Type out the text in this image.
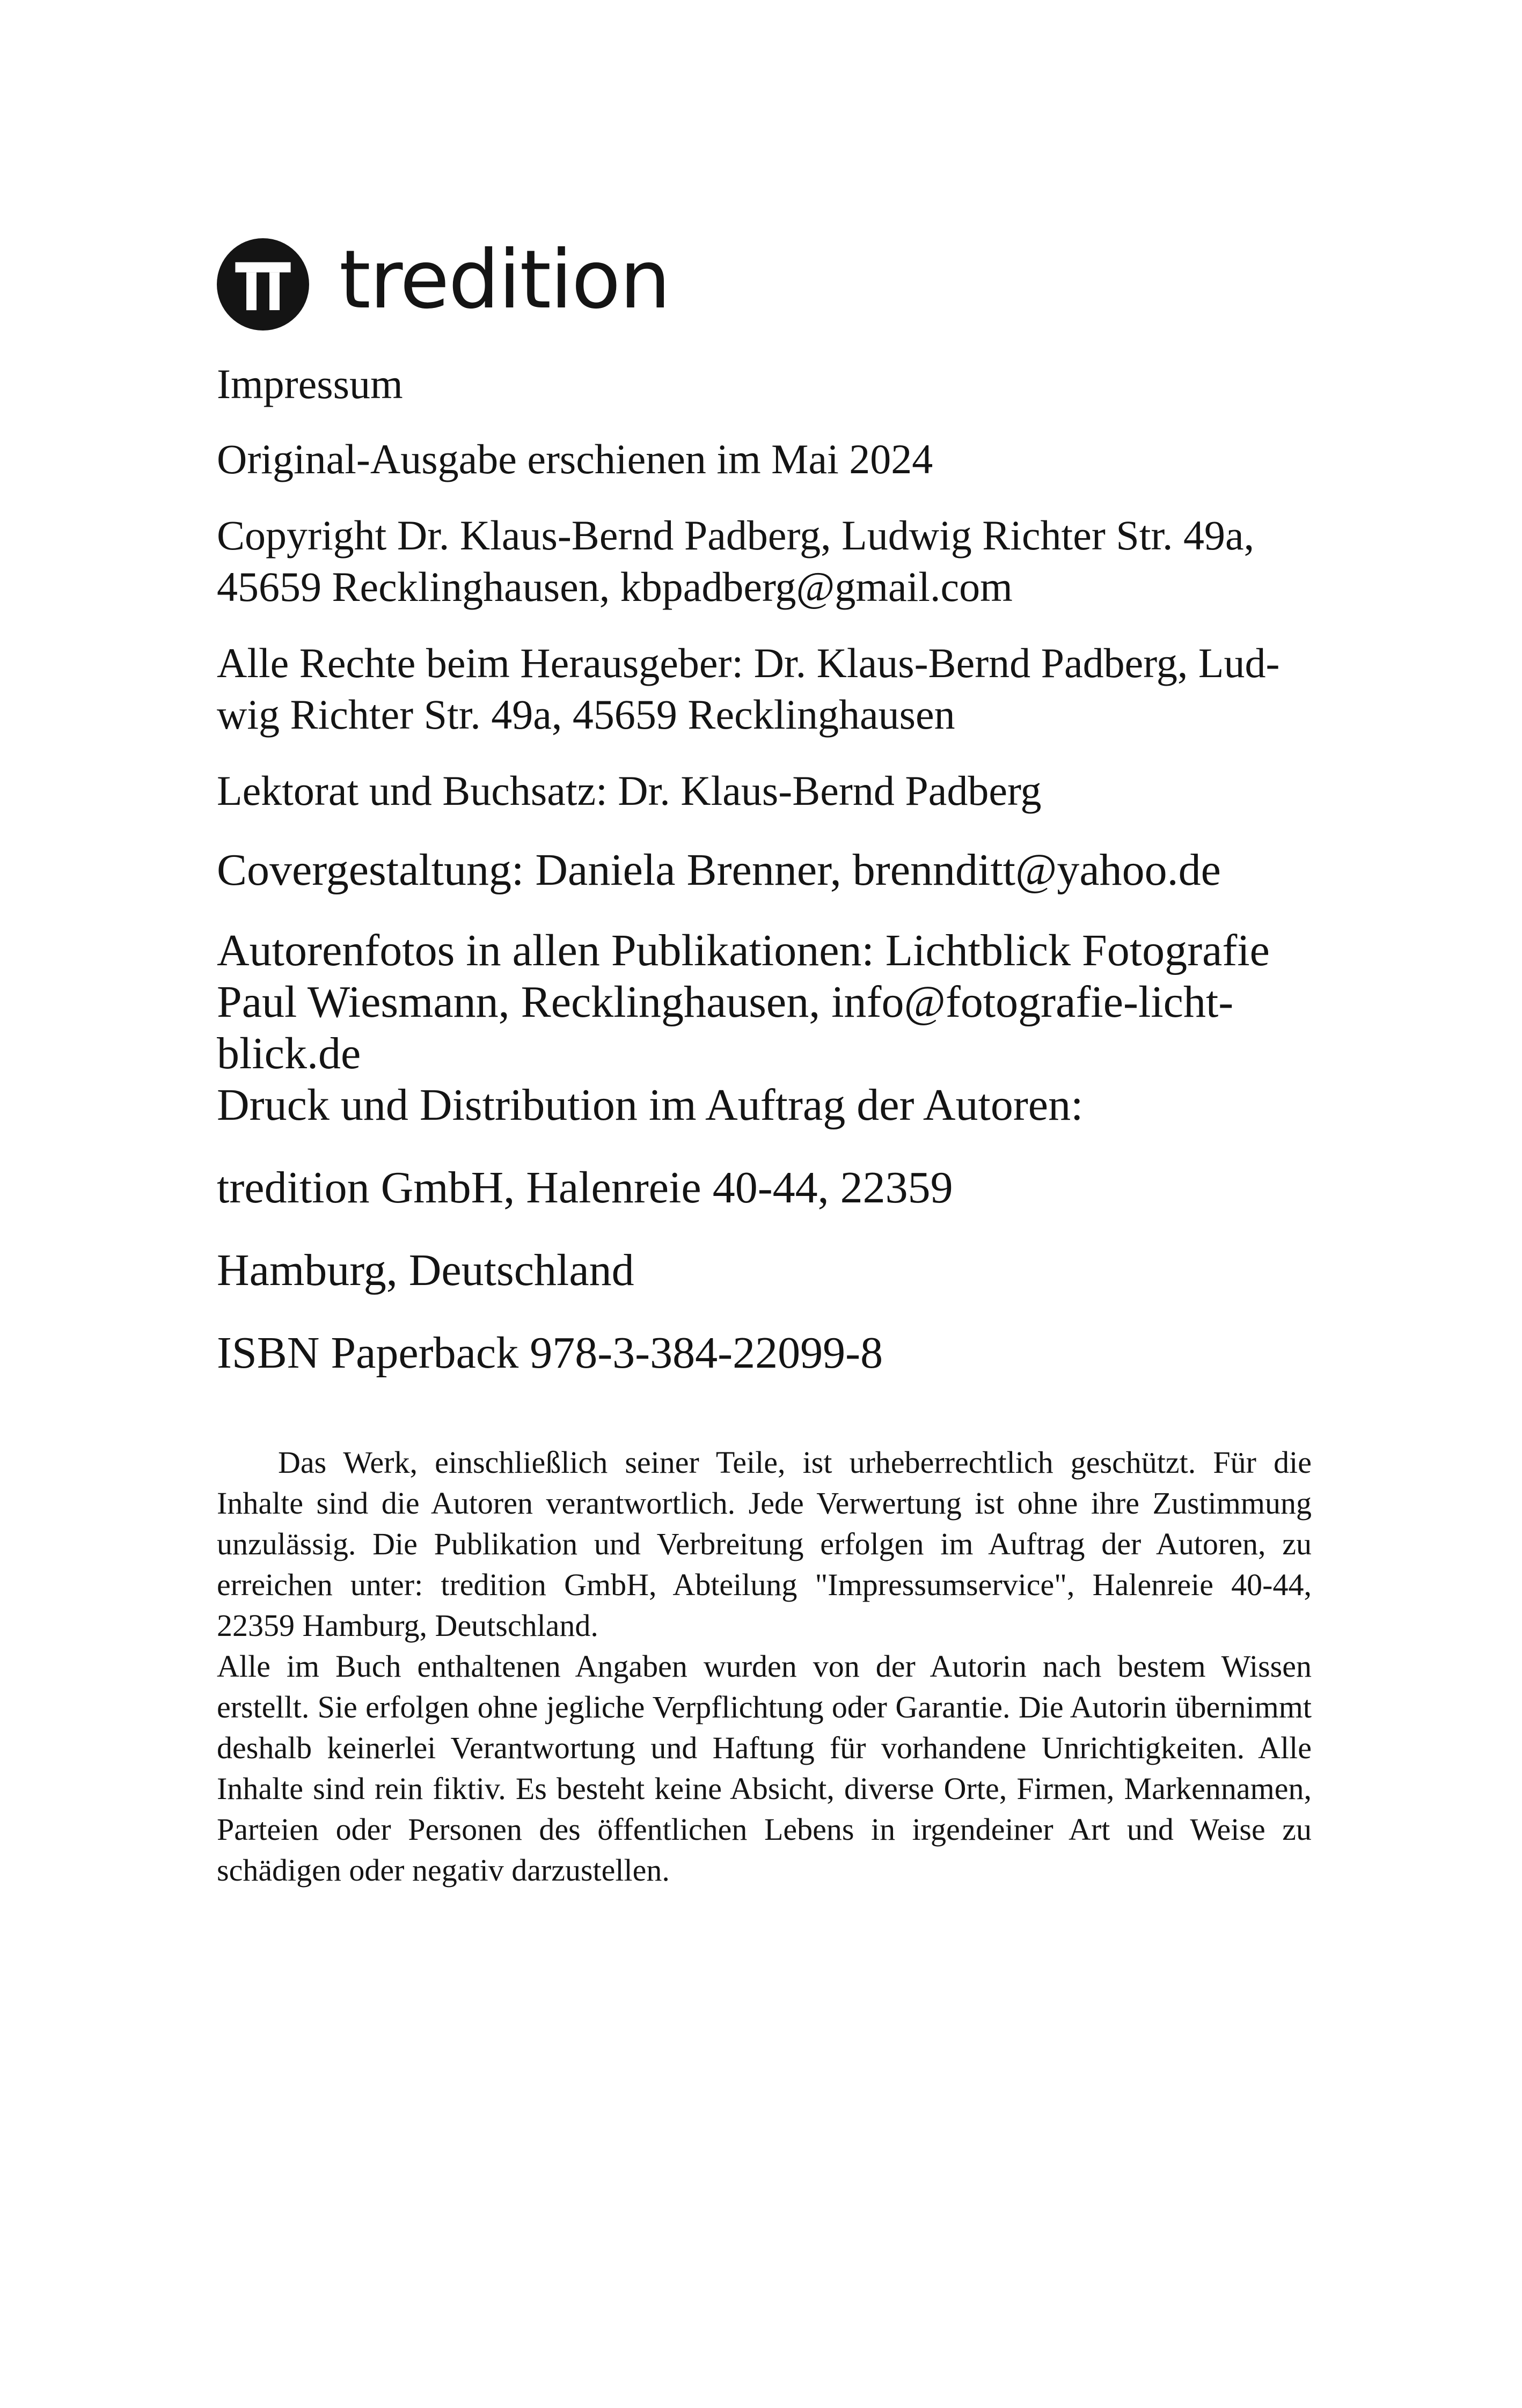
tredition

Impressum

Original-Ausgabe erschienen im Mai 2024

Copyright Dr. Klaus-Bernd Padberg, Ludwig Richter Str. 49a,

45659 Recklinghausen, kbpadberg@gmail.com

Alle Rechte beim Herausgeber: Dr. Klaus-Bernd Padberg, Lud-

wig Richter Str. 49a, 45659 Recklinghausen

Lektorat und Buchsatz: Dr. Klaus-Bernd Padberg

Covergestaltung: Daniela Brenner, brennditt@yahoo.de

Autorenfotos in allen Publikationen: Lichtblick Fotografie

Paul Wiesmann, Recklinghausen, info@fotografie-licht-

blick.de

Druck und Distribution im Auftrag der Autoren:

tredition GmbH, Halenreie 40-44, 22359

Hamburg, Deutschland

ISBN Paperback 978-3-384-22099-8

Das Werk, einschließlich seiner Teile, ist urheberrechtlich geschützt. Für die Inhalte sind die Autoren verantwortlich. Jede Verwertung ist ohne ihre Zustimmung unzulässig. Die Publikation und Verbreitung erfolgen im Auftrag der Autoren, zu erreichen unter: tredition GmbH, Abteilung "Impressumservice", Halenreie 40-44, 22359 Hamburg, Deutschland.

Alle im Buch enthaltenen Angaben wurden von der Autorin nach bestem Wissen erstellt. Sie erfolgen ohne jegliche Verpflichtung oder Garantie. Die Autorin übernimmt deshalb keinerlei Verantwortung und Haftung für vorhandene Unrichtigkeiten. Alle Inhalte sind rein fiktiv. Es besteht keine Absicht, diverse Orte, Firmen, Markennamen, Parteien oder Personen des öffentlichen Lebens in irgendeiner Art und Weise zu schädigen oder negativ darzustellen.
